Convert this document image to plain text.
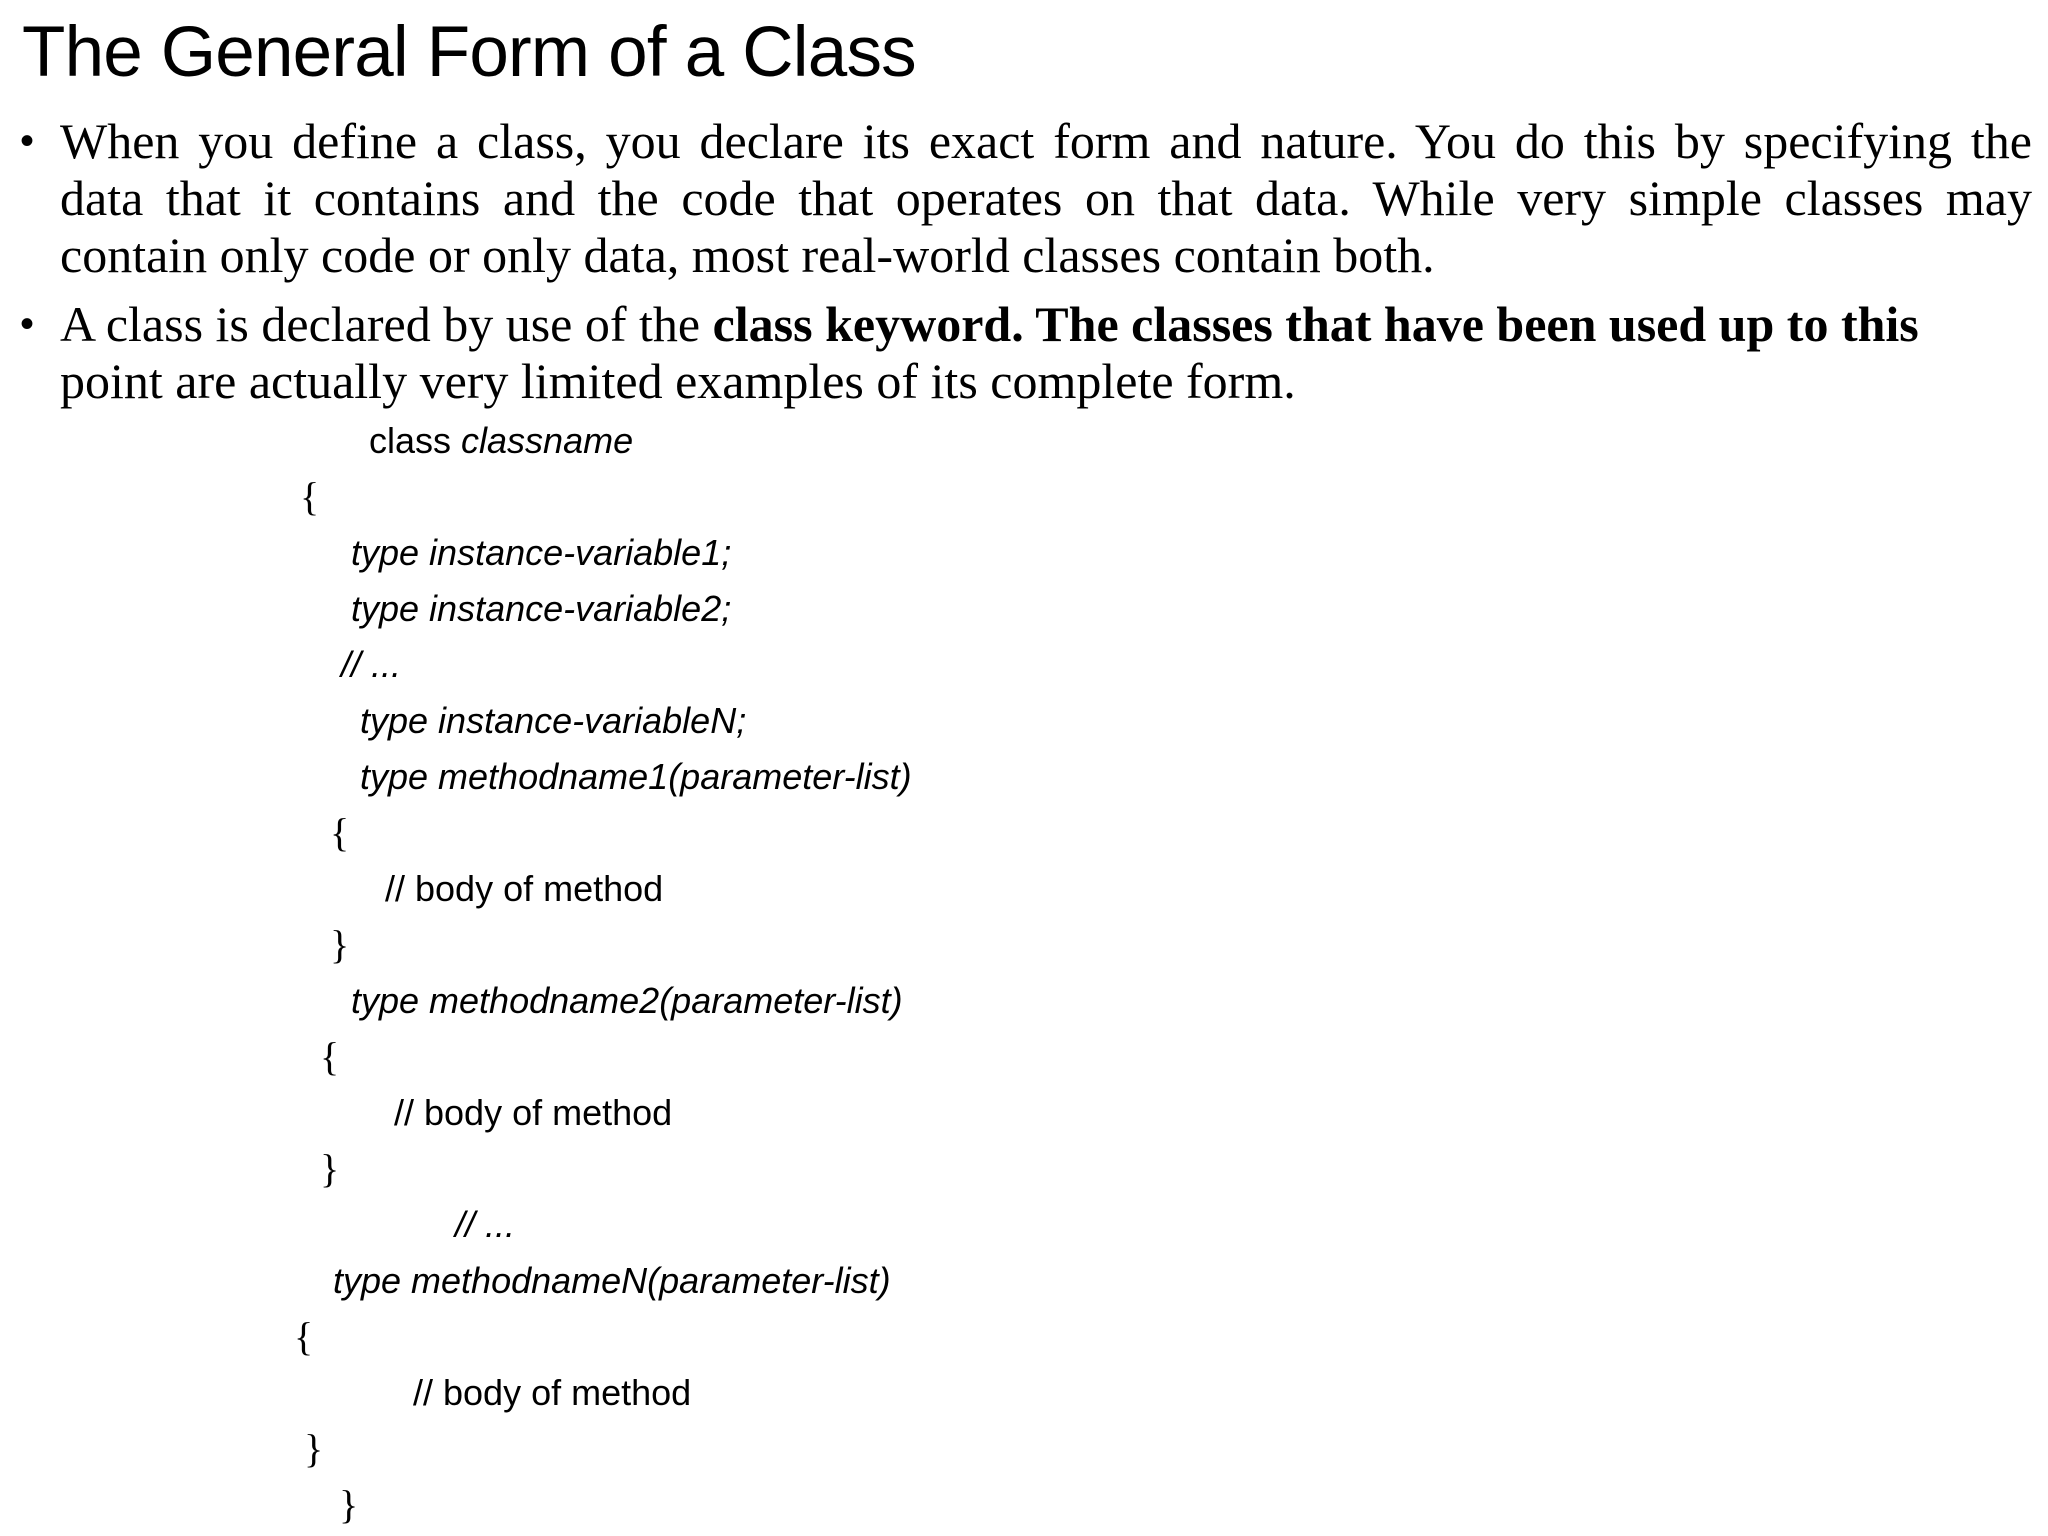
The General Form of a Class
• When you define a class, you declare its exact form and nature. You do this by specifying the
data that it contains and the code that operates on that data. While very simple classes may
contain only code or only data, most real-world classes contain both.
• A class is declared by use of the class keyword. The classes that have been used up to this
point are actually very limited examples of its complete form.
class classname
{
type instance-variable1;
type instance-variable2;
// ...
type instance-variableN;
type methodname1(parameter-list)
{
// body of method
}
type methodname2(parameter-list)
{
// body of method
}
// ...
type methodnameN(parameter-list)
{
// body of method
}
}
